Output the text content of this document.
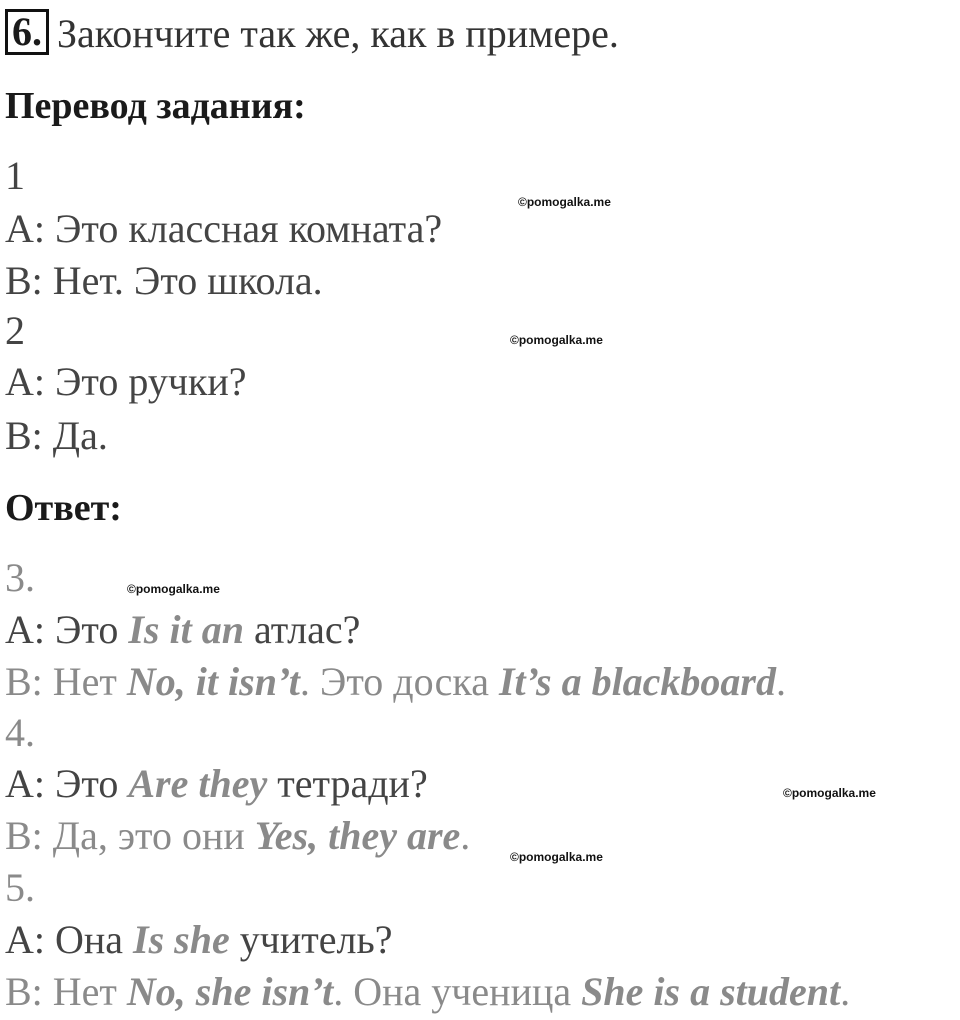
6. Закончите так же, как в примере.
Перевод задания:
1
A: Это классная комната?
B: Нет. Это школа.
2
A: Это ручки?
B: Да.
Ответ:
3.
A: Это Is it an атлас?
B: Нет No, it isn’t. Это доска It’s a blackboard.
4.
A: Это Are they тетради?
B: Да, это они Yes, they are.
5.
A: Она Is she учитель?
B: Нет No, she isn’t. Она ученица She is a student.
©pomogalka.me
©pomogalka.me
©pomogalka.me
©pomogalka.me
©pomogalka.me
